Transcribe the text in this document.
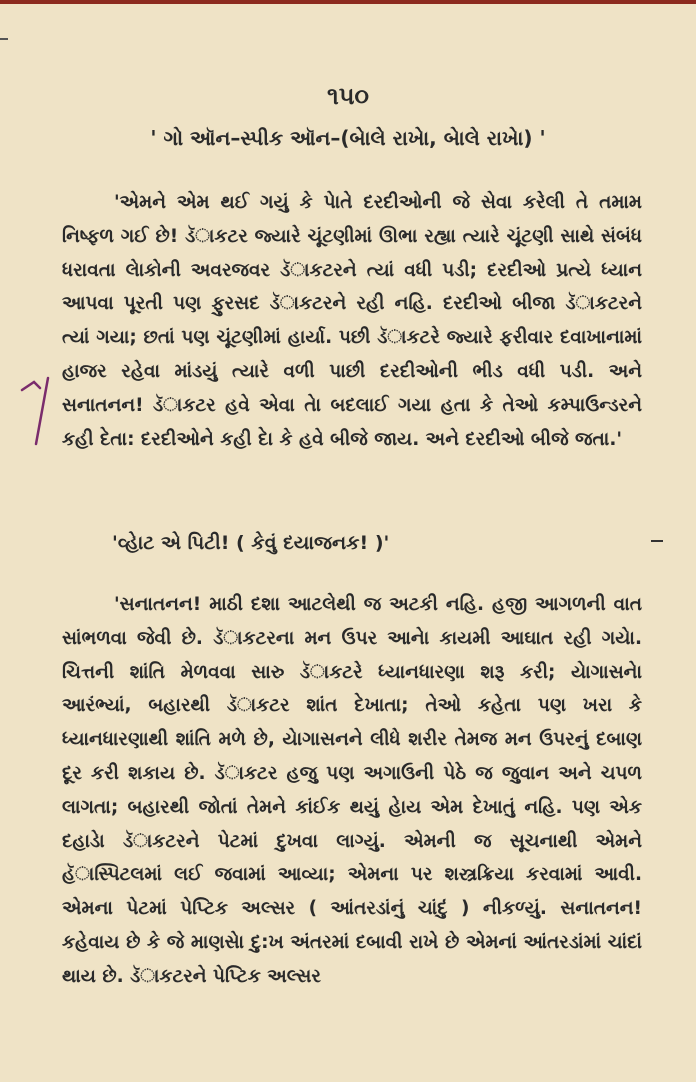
૧૫૦
' ગો ઑન–સ્પીક ઑન–(બેાલે રાખેા, બેાલે રાખેા) '

'એમને એમ થઈ ગયું કે પેાતે દરદીઓની જે સેવા કરેલી તે તમામ નિષ્ફળ ગઈ છે! ડૅાકટર જ્યારે ચૂંટણીમાં ઊભા રહ્યા ત્યારે ચૂંટણી સાથે સંબંધ ધરાવતા લેાકોની અવરજવર ડૅાકટરને ત્યાં વધી પડી; દરદીઓ પ્રત્યે ધ્યાન આપવા પૂરતી પણ ફુરસદ ડૅાકટરને રહી નહિ. દરદીઓ બીજા ડૅાકટરને ત્યાં ગયા; છતાં પણ ચૂંટણીમાં હાર્યા. પછી ડૅાકટરે જ્યારે ફરીવાર દવાખાનામાં હાજર રહેવા માંડયું ત્યારે વળી પાછી દરદીઓની ભીડ વધી પડી. અને સનાતનન! ડૅાકટર હવે એવા તેા બદલાઈ ગયા હતા કે તેઓ કમ્પાઉન્ડરને કહી દેતા: દરદીઓને કહી દેા કે હવે બીજે જાય. અને દરદીઓ બીજે જતા.'

'વ્હેાટ એ પિટી! ( કેવું દયાજનક! )'

'સનાતનન! માઠી દશા આટલેથી જ અટકી નહિ. હજી આગળની વાત સાંભળવા જેવી છે. ડૅાકટરના મન ઉપર આનેા કાયમી આઘાત રહી ગયેા. ચિત્તની શાંતિ મેળવવા સારુ ડૅાકટરે ધ્યાનધારણા શરૂ કરી; યેાગાસનેા આરંભ્યાં, બહારથી ડૅાકટર શાંત દેખાતા; તેઓ કહેતા પણ ખરા કે ધ્યાનધારણાથી શાંતિ મળે છે, યેાગાસનને લીધે શરીર તેમજ મન ઉપરનું દબાણ દૂર કરી શકાય છે. ડૅાકટર હજુ પણ અગાઉની પેઠે જ જુવાન અને ચપળ લાગતા; બહારથી જોતાં તેમને કાંઈક થયું હેાય એમ દેખાતું નહિ. પણ એક દહાડેા ડૅાકટરને પેટમાં દુખવા લાગ્યું. એમની જ સૂચનાથી એમને હૅાસ્પિટલમાં લઈ જવામાં આવ્યા; એમના પર શસ્ત્રક્રિયા કરવામાં આવી. એમના પેટમાં પેપ્ટિક અલ્સર ( આંતરડાંનું ચાંદું ) નીકળ્યું. સનાતનન! કહેવાય છે કે જે માણસેા દુ:ખ અંતરમાં દબાવી રાખે છે એમનાં આંતરડાંમાં ચાંદાં થાય છે. ડૅાકટરને પેપ્ટિક અલ્સર
